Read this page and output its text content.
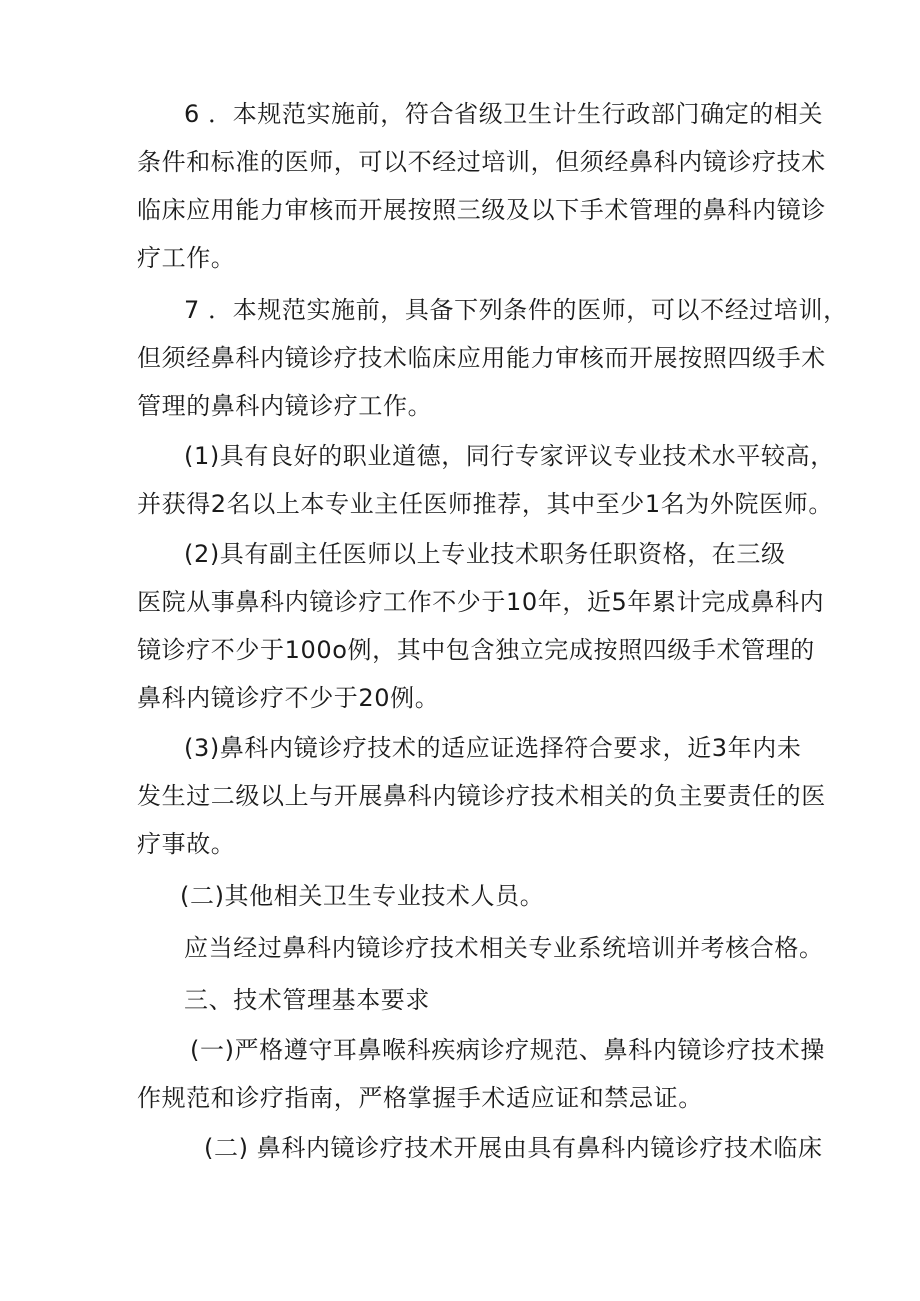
6 ．本规范实施前，符合省级卫生计生行政部门确定的相关
条件和标准的医师，可以不经过培训，但须经鼻科内镜诊疗技术
临床应用能力审核而开展按照三级及以下手术管理的鼻科内镜诊
疗工作。
7 ．本规范实施前，具备下列条件的医师，可以不经过培训，
但须经鼻科内镜诊疗技术临床应用能力审核而开展按照四级手术
管理的鼻科内镜诊疗工作。
(1)具有良好的职业道德，同行专家评议专业技术水平较高，
并获得2名以上本专业主任医师推荐，其中至少1名为外院医师。
(2)具有副主任医师以上专业技术职务任职资格，在三级
医院从事鼻科内镜诊疗工作不少于10年，近5年累计完成鼻科内
镜诊疗不少于100o例，其中包含独立完成按照四级手术管理的
鼻科内镜诊疗不少于20例。
(3)鼻科内镜诊疗技术的适应证选择符合要求，近3年内未
发生过二级以上与开展鼻科内镜诊疗技术相关的负主要责任的医
疗事故。
(二)其他相关卫生专业技术人员。
应当经过鼻科内镜诊疗技术相关专业系统培训并考核合格。
三、技术管理基本要求
(一)严格遵守耳鼻喉科疾病诊疗规范、鼻科内镜诊疗技术操
作规范和诊疗指南，严格掌握手术适应证和禁忌证。
(二) 鼻科内镜诊疗技术开展由具有鼻科内镜诊疗技术临床
